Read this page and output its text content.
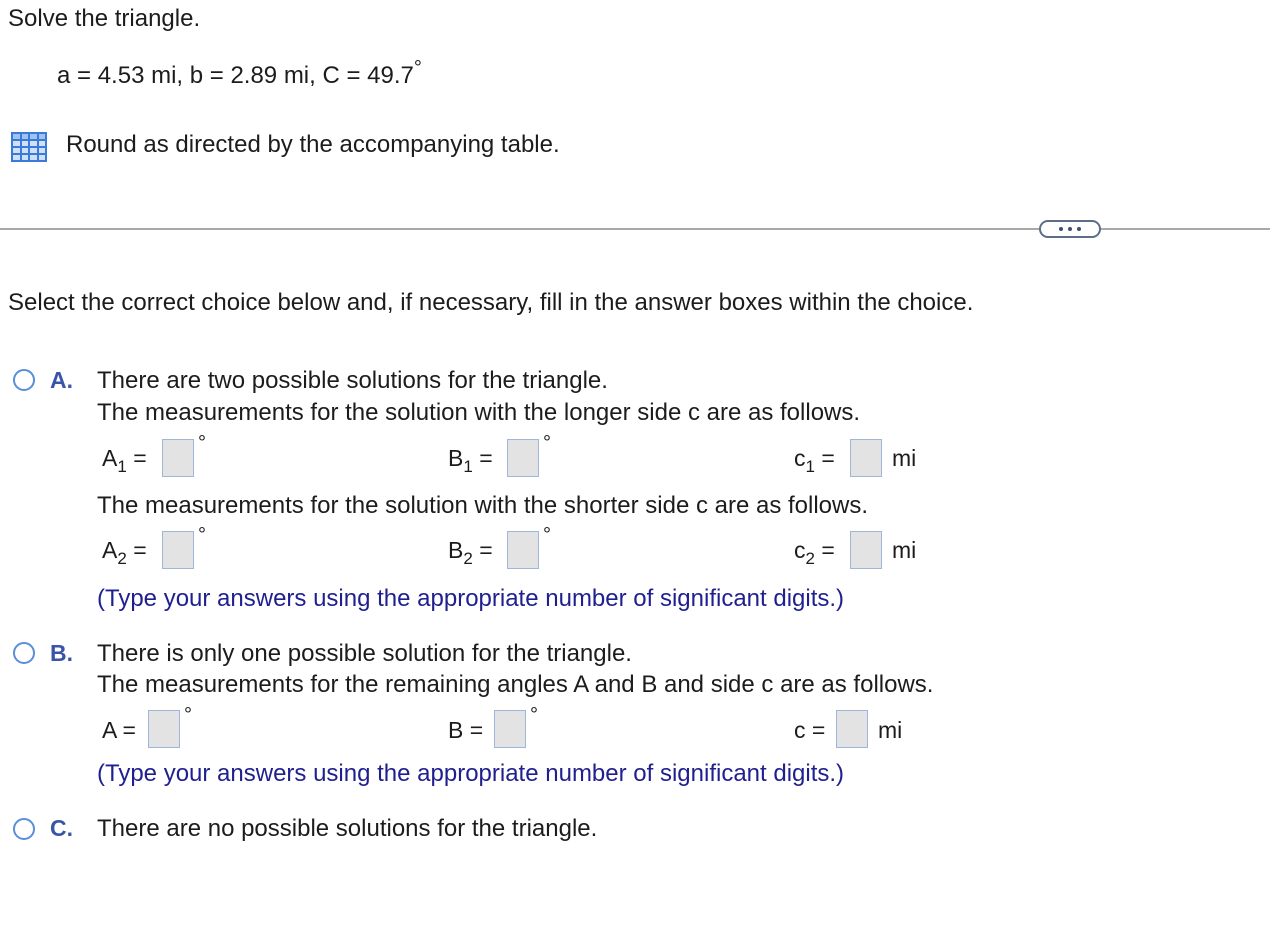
Solve the triangle.
a = 4.53 mi, b = 2.89 mi, C = 49.7°
Round as directed by the accompanying table.
Select the correct choice below and, if necessary, fill in the answer boxes within the choice.
A. There are two possible solutions for the triangle.
The measurements for the solution with the longer side c are as follows.
$A_1$ =
°
$B_1$ =
°
$c_1$ = mi
The measurements for the solution with the shorter side c are as follows.
$A_2$ =
°
$B_2$ =
°
$c_2$ = mi
(Type your answers using the appropriate number of significant digits.)
B. There is only one possible solution for the triangle.
The measurements for the remaining angles A and B and side c are as follows.
A =
°
B =
°
c = mi
(Type your answers using the appropriate number of significant digits.)
C. There are no possible solutions for the triangle.
